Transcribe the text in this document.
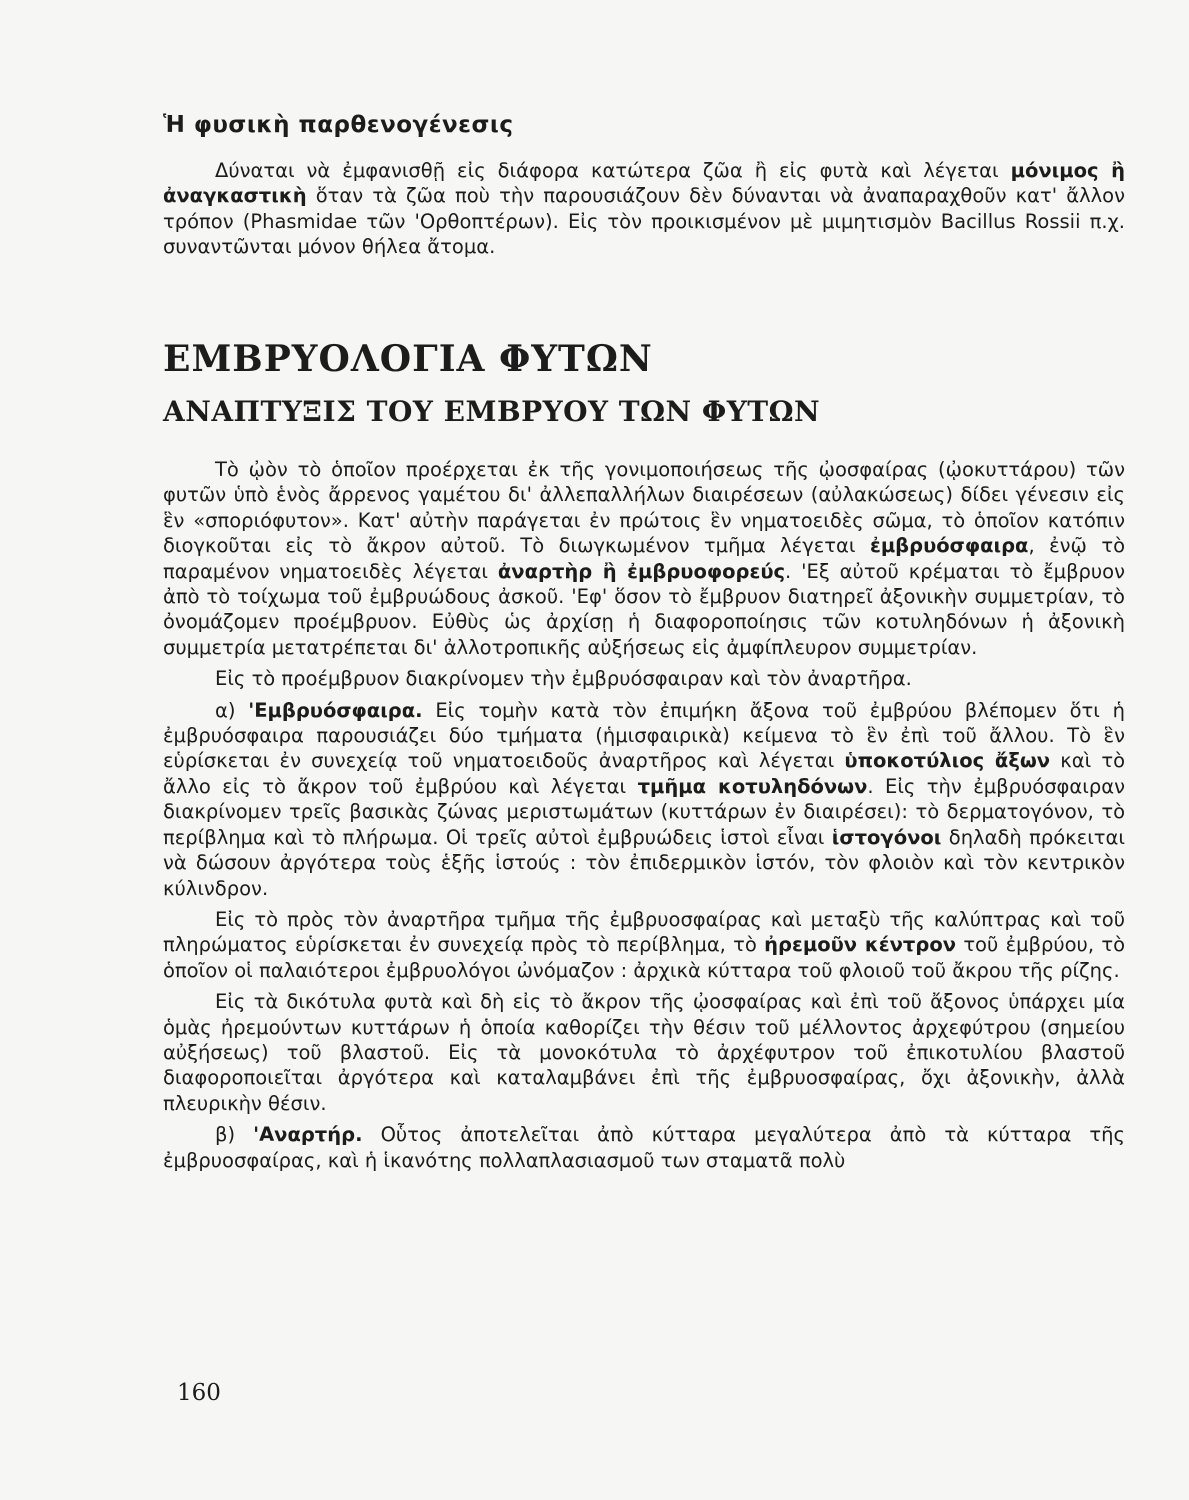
Ἡ φυσικὴ παρθενογένεσις

Δύναται νὰ ἐμφανισθῇ εἰς διάφορα κατώτερα ζῶα ἢ εἰς φυτὰ καὶ λέγεται μόνιμος ἢ ἀναγκαστικὴ ὅταν τὰ ζῶα ποὺ τὴν παρουσιάζουν δὲν δύνανται νὰ ἀναπαραχθοῦν κατ' ἄλλον τρόπον (Phasmidae τῶν 'Ορθοπτέρων). Εἰς τὸν προικισμένον μὲ μιμητισμὸν Bacillus Rossii π.χ. συναντῶνται μόνον θήλεα ἄτομα.

ΕΜΒΡΥΟΛΟΓΙΑ ΦΥΤΩΝ
ΑΝΑΠΤΥΞΙΣ ΤΟΥ ΕΜΒΡΥΟΥ ΤΩΝ ΦΥΤΩΝ

Τὸ ᾠὸν τὸ ὁποῖον προέρχεται ἐκ τῆς γονιμοποιήσεως τῆς ᾠοσφαίρας (ᾠοκυττάρου) τῶν φυτῶν ὑπὸ ἑνὸς ἄρρενος γαμέτου δι' ἀλλεπαλλήλων διαιρέσεων (αὐλακώσεως) δίδει γένεσιν εἰς ἓν «σποριόφυτον». Κατ' αὐτὴν παράγεται ἐν πρώτοις ἓν νηματοειδὲς σῶμα, τὸ ὁποῖον κατόπιν διογκοῦται εἰς τὸ ἄκρον αὐτοῦ. Τὸ διωγκωμένον τμῆμα λέγεται ἐμβρυόσφαιρα, ἐνῷ τὸ παραμένον νηματοειδὲς λέγεται ἀναρτὴρ ἢ ἐμβρυοφορεύς. 'Εξ αὐτοῦ κρέμαται τὸ ἔμβρυον ἀπὸ τὸ τοίχωμα τοῦ ἐμβρυώδους ἀσκοῦ. 'Εφ' ὅσον τὸ ἔμβρυον διατηρεῖ ἀξονικὴν συμμετρίαν, τὸ ὀνομάζομεν προέμβρυον. Εὐθὺς ὡς ἀρχίσῃ ἡ διαφοροποίησις τῶν κοτυληδόνων ἡ ἀξονικὴ συμμετρία μετατρέπεται δι' ἀλλοτροπικῆς αὐξήσεως εἰς ἀμφίπλευρον συμμετρίαν.

Εἰς τὸ προέμβρυον διακρίνομεν τὴν ἐμβρυόσφαιραν καὶ τὸν ἀναρτῆρα.

α) 'Εμβρυόσφαιρα. Εἰς τομὴν κατὰ τὸν ἐπιμήκη ἄξονα τοῦ ἐμβρύου βλέπομεν ὅτι ἡ ἐμβρυόσφαιρα παρουσιάζει δύο τμήματα (ἡμισφαιρικὰ) κείμενα τὸ ἓν ἐπὶ τοῦ ἄλλου. Τὸ ἓν εὑρίσκεται ἐν συνεχείᾳ τοῦ νηματοειδοῦς ἀναρτῆρος καὶ λέγεται ὑποκοτύλιος ἄξων καὶ τὸ ἄλλο εἰς τὸ ἄκρον τοῦ ἐμβρύου καὶ λέγεται τμῆμα κοτυληδόνων. Εἰς τὴν ἐμβρυόσφαιραν διακρίνομεν τρεῖς βασικὰς ζώνας μεριστωμάτων (κυττάρων ἐν διαιρέσει): τὸ δερματογόνον, τὸ περίβλημα καὶ τὸ πλήρωμα. Οἱ τρεῖς αὐτοὶ ἐμβρυώδεις ἱστοὶ εἶναι ἱστογόνοι δηλαδὴ πρόκειται νὰ δώσουν ἀργότερα τοὺς ἑξῆς ἱστούς : τὸν ἐπιδερμικὸν ἱστόν, τὸν φλοιὸν καὶ τὸν κεντρικὸν κύλινδρον.

Εἰς τὸ πρὸς τὸν ἀναρτῆρα τμῆμα τῆς ἐμβρυοσφαίρας καὶ μεταξὺ τῆς καλύπτρας καὶ τοῦ πληρώματος εὑρίσκεται ἐν συνεχείᾳ πρὸς τὸ περίβλημα, τὸ ἠρεμοῦν κέντρον τοῦ ἐμβρύου, τὸ ὁποῖον οἱ παλαιότεροι ἐμβρυολόγοι ὠνόμαζον : ἀρχικὰ κύτταρα τοῦ φλοιοῦ τοῦ ἄκρου τῆς ρίζης.

Εἰς τὰ δικότυλα φυτὰ καὶ δὴ εἰς τὸ ἄκρον τῆς ᾠοσφαίρας καὶ ἐπὶ τοῦ ἄξονος ὑπάρχει μία ὁμὰς ἠρεμούντων κυττάρων ἡ ὁποία καθορίζει τὴν θέσιν τοῦ μέλλοντος ἀρχεφύτρου (σημείου αὐξήσεως) τοῦ βλαστοῦ. Εἰς τὰ μονοκότυλα τὸ ἀρχέφυτρον τοῦ ἐπικοτυλίου βλαστοῦ διαφοροποιεῖται ἀργότερα καὶ καταλαμβάνει ἐπὶ τῆς ἐμβρυοσφαίρας, ὄχι ἀξονικὴν, ἀλλὰ πλευρικὴν θέσιν.

β) 'Αναρτήρ. Οὗτος ἀποτελεῖται ἀπὸ κύτταρα μεγαλύτερα ἀπὸ τὰ κύτταρα τῆς ἐμβρυοσφαίρας, καὶ ἡ ἱκανότης πολλαπλασιασμοῦ των σταματᾶ πολὺ

160
